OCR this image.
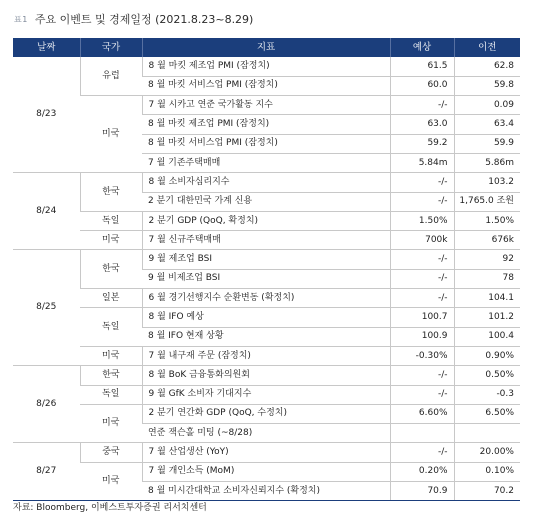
표1 주요 이벤트 및 경제일정 (2021.8.23~8.29)
날짜	국가	지표	예상	이전
8/23	유럽	8 월 마킷 제조업 PMI (잠정치)	61.5	62.8
		8 월 마킷 서비스업 PMI (잠정치)	60.0	59.8
	미국	7 월 시카고 연준 국가활동 지수	-/-	0.09
		8 월 마킷 제조업 PMI (잠정치)	63.0	63.4
		8 월 마킷 서비스업 PMI (잠정치)	59.2	59.9
		7 월 기존주택매매	5.84m	5.86m
8/24	한국	8 월 소비자심리지수	-/-	103.2
		2 분기 대한민국 가계 신용	-/-	1,765.0 조원
	독일	2 분기 GDP (QoQ, 확정치)	1.50%	1.50%
	미국	7 월 신규주택매매	700k	676k
8/25	한국	9 월 제조업 BSI	-/-	92
		9 월 비제조업 BSI	-/-	78
	일본	6 월 경기선행지수 순환변동 (확정치)	-/-	104.1
	독일	8 월 IFO 예상	100.7	101.2
		8 월 IFO 현재 상황	100.9	100.4
	미국	7 월 내구재 주문 (잠정치)	-0.30%	0.90%
8/26	한국	8 월 BoK 금융통화의원회	-/-	0.50%
	독일	9 월 GfK 소비자 기대지수	-/-	-0.3
	미국	2 분기 연간화 GDP (QoQ, 수정치)	6.60%	6.50%
		연준 잭슨홀 미팅 (~8/28)		
8/27	중국	7 월 산업생산 (YoY)	-/-	20.00%
	미국	7 월 개인소득 (MoM)	0.20%	0.10%
		8 월 미시간대학교 소비자신뢰지수 (확정치)	70.9	70.2
자료: Bloomberg, 이베스트투자증권 리서치센터
